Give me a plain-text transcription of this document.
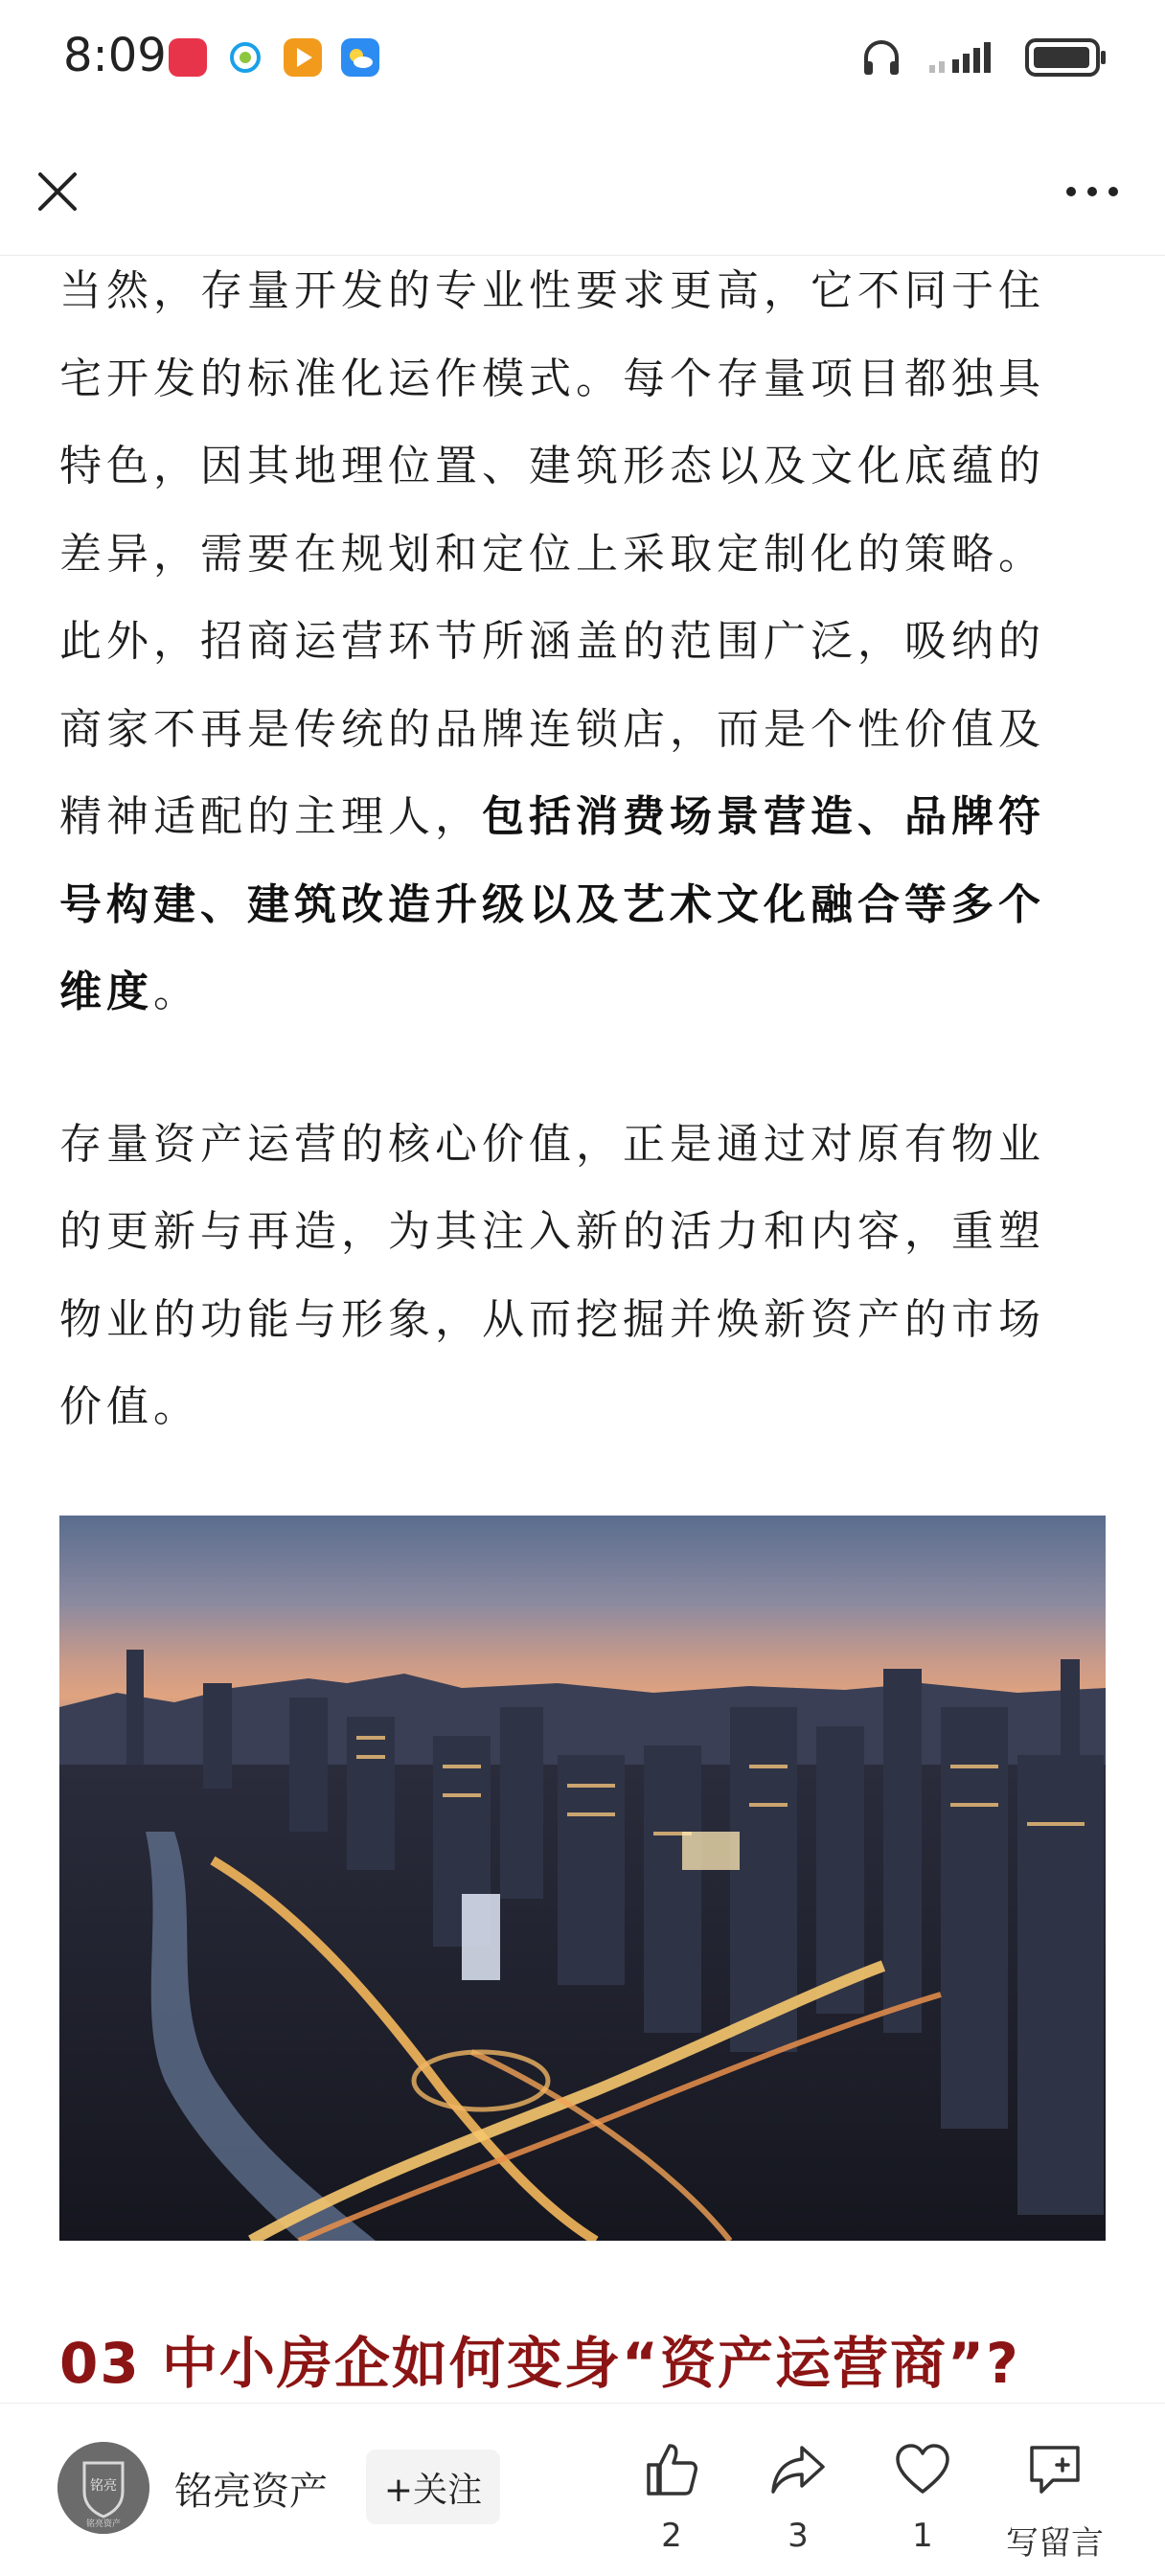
8:09
当然，存量开发的专业性要求更高，它不同于住
宅开发的标准化运作模式。每个存量项目都独具
特色，因其地理位置、建筑形态以及文化底蕴的
差异，需要在规划和定位上采取定制化的策略。
此外，招商运营环节所涵盖的范围广泛，吸纳的
商家不再是传统的品牌连锁店，而是个性价值及
精神适配的主理人，包括消费场景营造、品牌符
号构建、建筑改造升级以及艺术文化融合等多个
维度。
存量资产运营的核心价值，正是通过对原有物业
的更新与再造，为其注入新的活力和内容，重塑
物业的功能与形象，从而挖掘并焕新资产的市场
价值。
03 中小房企如何变身“资产运营商”?
铭亮
铭亮资产
铭亮资产	+关注
2	3	1	写留言
